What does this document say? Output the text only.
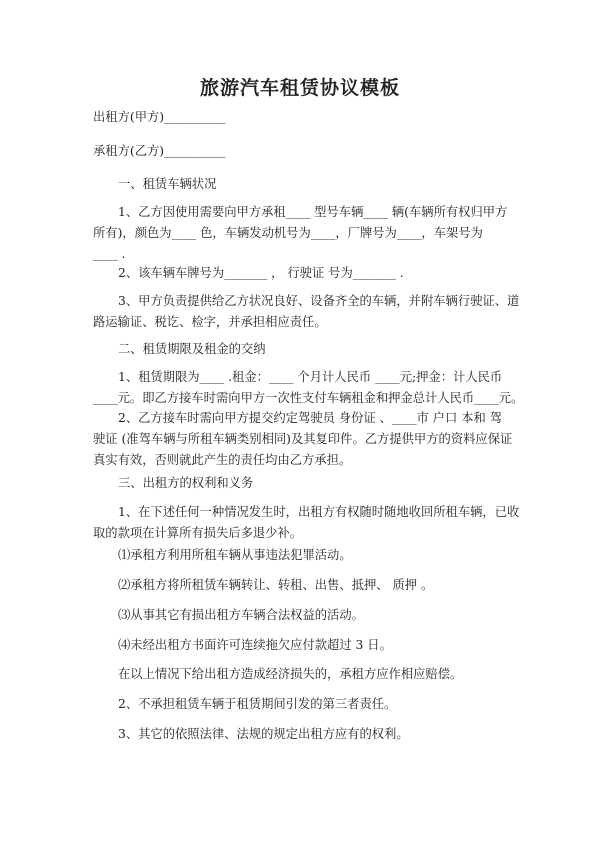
旅游汽车租赁协议模板
出租方(甲方)__________
承租方(乙方)__________
一、租赁车辆状况
1、乙方因使用需要向甲方承租____ 型号车辆____ 辆(车辆所有权归甲方
所有)，颜色为____ 色，车辆发动机号为____，厂牌号为____，车架号为
____ .
2、该车辆车牌号为_______ ， 行驶证 号为_______ .
3、甲方负责提供给乙方状况良好、设备齐全的车辆，并附车辆行驶证、道
路运输证、税讫、检字，并承担相应责任。
二、租赁期限及租金的交纳
1、租赁期限为____ .租金：____ 个月计人民币 ____元;押金：计人民币
____元。即乙方接车时需向甲方一次性支付车辆租金和押金总计人民币____元。
2、乙方接车时需向甲方提交约定驾驶员 身份证 、____市 户口 本和 驾
驶证 (准驾车辆与所租车辆类别相同)及其复印件。乙方提供甲方的资料应保证
真实有效，否则就此产生的责任均由乙方承担。
三、出租方的权利和义务
1、在下述任何一种情况发生时，出租方有权随时随地收回所租车辆，已收
取的款项在计算所有损失后多退少补。
⑴承租方利用所租车辆从事违法犯罪活动。
⑵承租方将所租赁车辆转让、转租、出售、抵押、 质押 。
⑶从事其它有损出租方车辆合法权益的活动。
⑷未经出租方书面许可连续拖欠应付款超过 3 日。
在以上情况下给出租方造成经济损失的，承租方应作相应赔偿。
2、不承担租赁车辆于租赁期间引发的第三者责任。
3、其它的依照法律、法规的规定出租方应有的权利。
